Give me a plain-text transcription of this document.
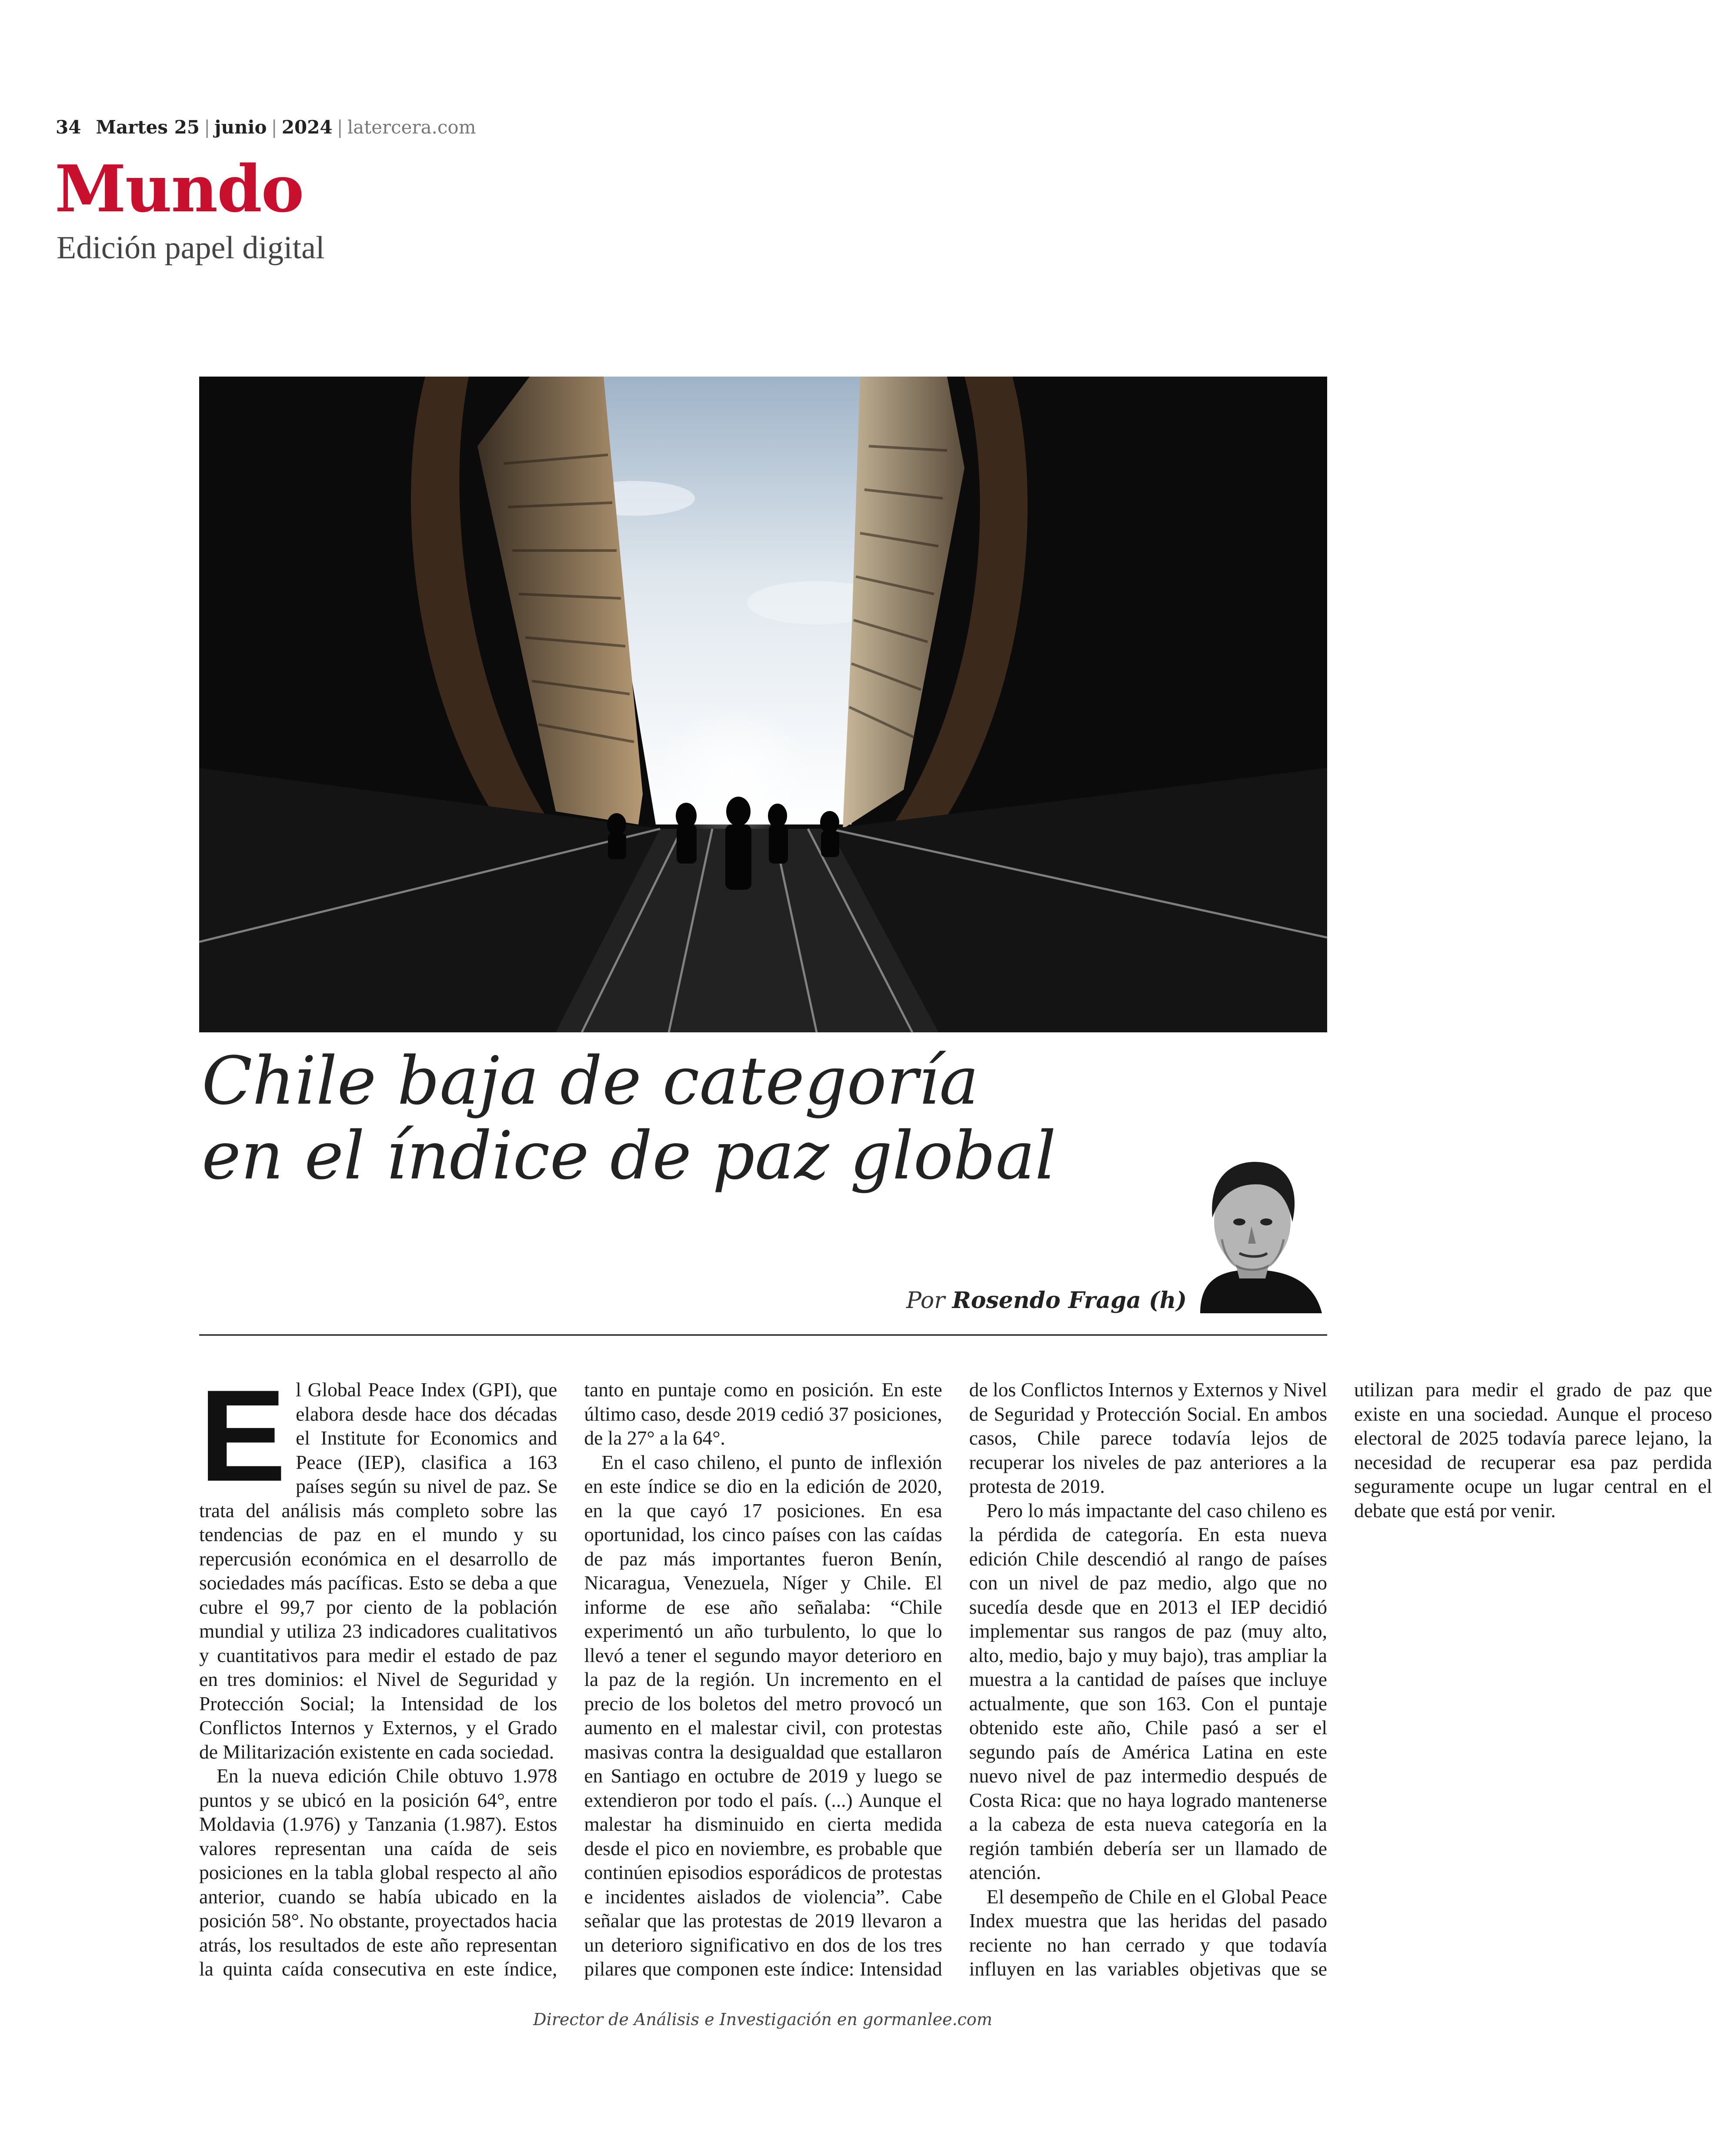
34 Martes 25 | junio | 2024 | latercera.com
Mundo
Edición papel digital
Chile baja de categoría
en el índice de paz global
Por Rosendo Fraga (h)

El Global Peace Index (GPI), que elabora desde hace dos décadas el Institute for Economics and Peace (IEP), clasifica a 163 países según su nivel de paz. Se trata del análisis más completo sobre las tendencias de paz en el mundo y su repercusión económica en el desarrollo de sociedades más pacíficas. Esto se deba a que cubre el 99,7 por ciento de la población mundial y utiliza 23 indicadores cualitativos y cuantitativos para medir el estado de paz en tres dominios: el Nivel de Seguridad y Protección Social; la Intensidad de los Conflictos Internos y Externos, y el Grado de Militarización existente en cada sociedad.

En la nueva edición Chile obtuvo 1.978 puntos y se ubicó en la posición 64°, entre Moldavia (1.976) y Tanzania (1.987). Estos valores representan una caída de seis posiciones en la tabla global respecto al año anterior, cuando se había ubicado en la posición 58°. No obstante, proyectados hacia atrás, los resultados de este año representan la quinta caída consecutiva en este índice, tanto en puntaje como en posición. En este último caso, desde 2019 cedió 37 posiciones, de la 27° a la 64°.

En el caso chileno, el punto de inflexión en este índice se dio en la edición de 2020, en la que cayó 17 posiciones. En esa oportunidad, los cinco países con las caídas de paz más importantes fueron Benín, Nicaragua, Venezuela, Níger y Chile. El informe de ese año señalaba: “Chile experimentó un año turbulento, lo que lo llevó a tener el segundo mayor deterioro en la paz de la región. Un incremento en el precio de los boletos del metro provocó un aumento en el malestar civil, con protestas masivas contra la desigualdad que estallaron en Santiago en octubre de 2019 y luego se extendieron por todo el país. (...) Aunque el malestar ha disminuido en cierta medida desde el pico en noviembre, es probable que continúen episodios esporádicos de protestas e incidentes aislados de violencia”. Cabe señalar que las protestas de 2019 llevaron a un deterioro significativo en dos de los tres pilares que componen este índice: Intensidad de los Conflictos Internos y Externos y Nivel de Seguridad y Protección Social. En ambos casos, Chile parece todavía lejos de recuperar los niveles de paz anteriores a la protesta de 2019.

Pero lo más impactante del caso chileno es la pérdida de categoría. En esta nueva edición Chile descendió al rango de países con un nivel de paz medio, algo que no sucedía desde que en 2013 el IEP decidió implementar sus rangos de paz (muy alto, alto, medio, bajo y muy bajo), tras ampliar la muestra a la cantidad de países que incluye actualmente, que son 163. Con el puntaje obtenido este año, Chile pasó a ser el segundo país de América Latina en este nuevo nivel de paz intermedio después de Costa Rica: que no haya logrado mantenerse a la cabeza de esta nueva categoría en la región también debería ser un llamado de atención.

El desempeño de Chile en el Global Peace Index muestra que las heridas del pasado reciente no han cerrado y que todavía influyen en las variables objetivas que se utilizan para medir el grado de paz que existe en una sociedad. Aunque el proceso electoral de 2025 todavía parece lejano, la necesidad de recuperar esa paz perdida seguramente ocupe un lugar central en el debate que está por venir.

Director de Análisis e Investigación en gormanlee.com
